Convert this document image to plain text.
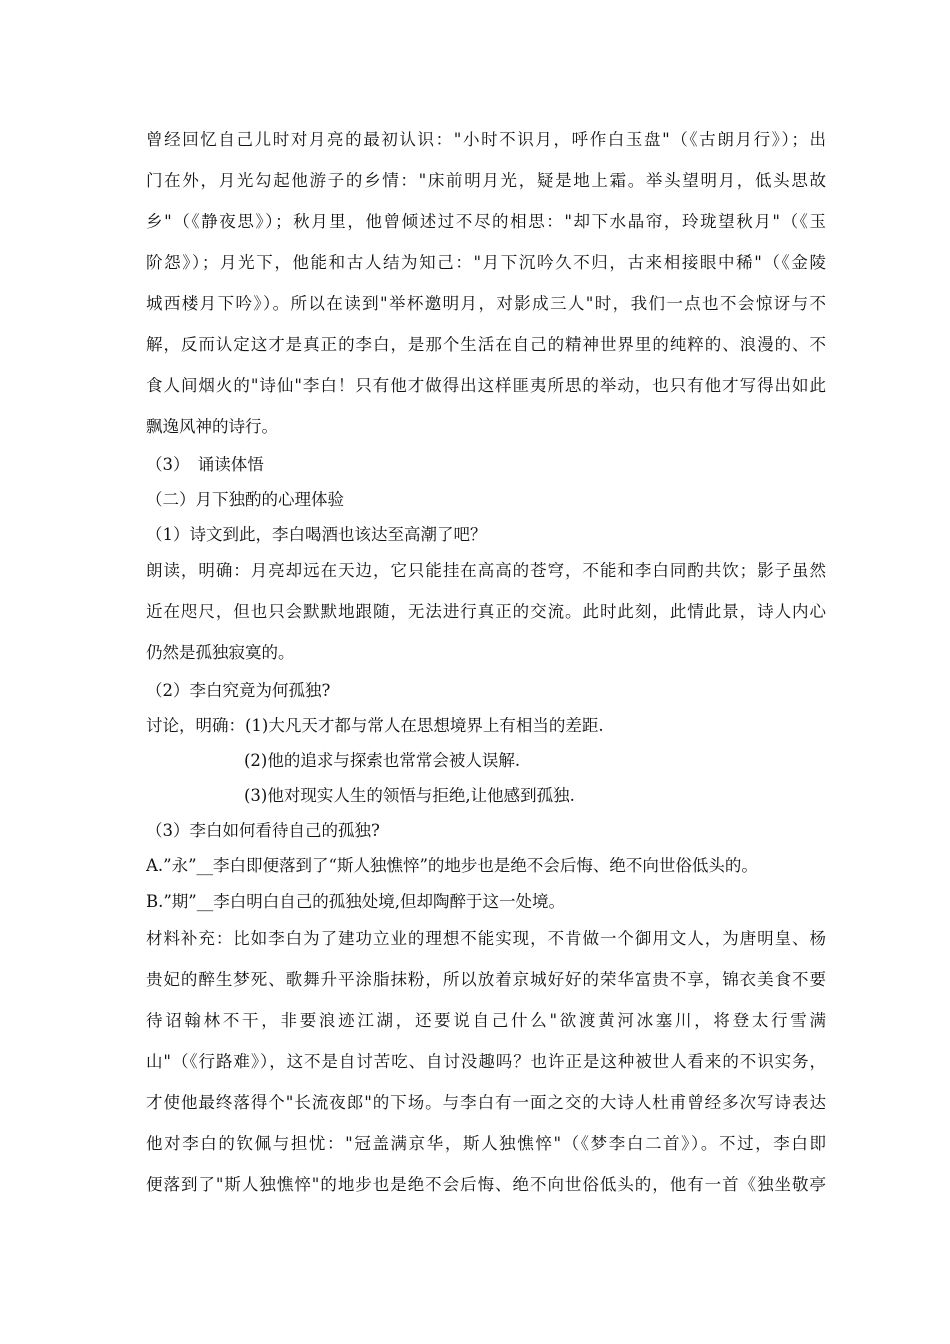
曾经回忆自己儿时对月亮的最初认识："小时不识月，呼作白玉盘"（《古朗月行》）；出
门在外，月光勾起他游子的乡情："床前明月光，疑是地上霜。举头望明月，低头思故
乡"（《静夜思》）；秋月里，他曾倾述过不尽的相思："却下水晶帘，玲珑望秋月"（《玉
阶怨》）；月光下，他能和古人结为知己："月下沉吟久不归，古来相接眼中稀"（《金陵
城西楼月下吟》）。所以在读到"举杯邀明月，对影成三人"时，我们一点也不会惊讶与不
解，反而认定这才是真正的李白，是那个生活在自己的精神世界里的纯粹的、浪漫的、不
食人间烟火的"诗仙"李白！只有他才做得出这样匪夷所思的举动，也只有他才写得出如此
飘逸风神的诗行。
（3）　诵读体悟
（二）月下独酌的心理体验
（1）诗文到此，李白喝酒也该达至高潮了吧？
朗读，明确：月亮却远在天边，它只能挂在高高的苍穹，不能和李白同酌共饮；影子虽然
近在咫尺，但也只会默默地跟随，无法进行真正的交流。此时此刻，此情此景，诗人内心
仍然是孤独寂寞的。
（2）李白究竟为何孤独?
讨论，明确：(1)大凡天才都与常人在思想境界上有相当的差距.
(2)他的追求与探索也常常会被人误解.
(3)他对现实人生的领悟与拒绝,让他感到孤独.
（3）李白如何看待自己的孤独?
A.”永”__李白即便落到了“斯人独憔悴”的地步也是绝不会后悔、绝不向世俗低头的。
B.”期”__李白明白自己的孤独处境,但却陶醉于这一处境。
材料补充：比如李白为了建功立业的理想不能实现，不肯做一个御用文人，为唐明皇、杨
贵妃的醉生梦死、歌舞升平涂脂抹粉，所以放着京城好好的荣华富贵不享，锦衣美食不要
待诏翰林不干，非要浪迹江湖，还要说自己什么"欲渡黄河冰塞川，将登太行雪满
山"（《行路难》），这不是自讨苦吃、自讨没趣吗？也许正是这种被世人看来的不识实务，
才使他最终落得个"长流夜郎"的下场。与李白有一面之交的大诗人杜甫曾经多次写诗表达
他对李白的钦佩与担忧："冠盖满京华，斯人独憔悴"（《梦李白二首》）。不过，李白即
便落到了"斯人独憔悴"的地步也是绝不会后悔、绝不向世俗低头的，他有一首《独坐敬亭
